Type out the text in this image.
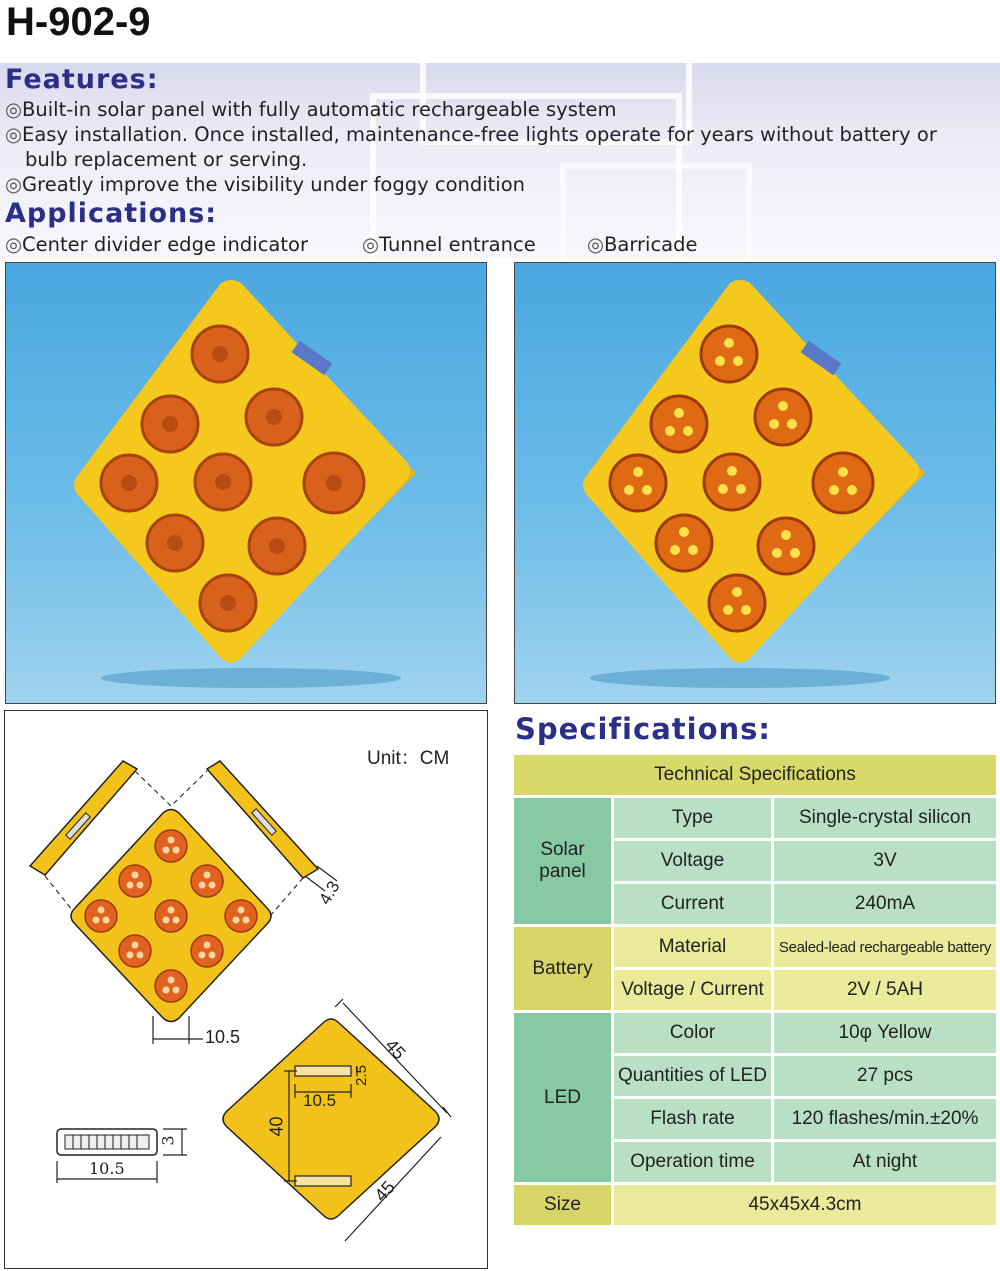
H-902-9
Features:
◎Built-in solar panel with fully automatic rechargeable system
◎Easy installation. Once installed, maintenance-free lights operate for years without battery or
bulb replacement or serving.
◎Greatly improve the visibility under foggy condition
Applications:
◎Center divider edge indicator	◎Tunnel entrance	◎Barricade
Unit：CM
4.3
10.5	45
45
40
10.5
2.5
10.5
3
Specifications:
Technical Specifications		
Solar panel	Type	Single-crystal silicon
	Voltage	3V
	Current	240mA
Battery	Material	Sealed-lead rechargeable battery
	Voltage / Current	2V / 5AH
LED	Color	10φ Yellow
	Quantities of LED	27 pcs
	Flash rate	120 flashes/min.±20%
	Operation time	At night
Size	45x45x4.3cm	
